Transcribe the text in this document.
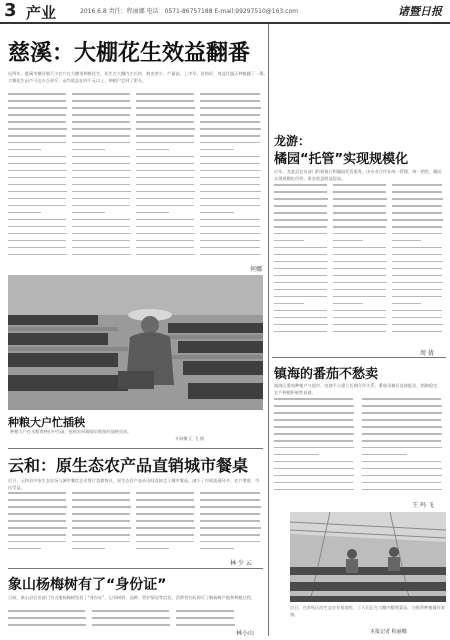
3 产业	2016.6.8 责任：程丽娜 电话：0571-86757188 E-mail:99297510@163.com	诸暨日报
慈溪：大棚花生效益翻番
近两年，慈溪市横河镇不少农户在大棚里种植花生，花生在大棚内生长快、病虫害少、产量高，上市早，价格好，效益比露天种植翻了一番。大棚花生亩产可达五百余斤，亩均收益在四千元以上，种植户尝到了甜头。
何娜
种粮大户忙插秧
种粮大户在水稻育秧田中忙碌，抢抓农时确保早稻按时插秧完成。
开驹摄 汇 飞 摄
云和：原生态农产品直销城市餐桌
近日，云和县多家生态农场与城市餐饮企业签订直销协议，原生态农产品从田间直接走上城市餐桌，减少了中间流通环节，农户增收、市民受益。
林 少 云
象山杨梅树有了“身份证”
日前，象山县农业部门为当地杨梅树发放了“身份证”，记录树龄、品种、管护情况等信息，消费者扫码即可了解杨梅产地和种植过程。
林小山
龙游：
橘园“托管”实现规模化
近年，龙游县农业部门积极推行柑橘园托管服务，由专业合作社统一管理、统一销售，橘园实现规模化经营，果农收益明显提高。
周 倩
镇海的番茄不愁卖
镇海区番茄种植户与超市、电商平台建立长期合作关系，番茄采摘后直接配送，销路稳定，农户种植积极性高涨。
王 玛 飞
近日，在余杭区的生态农业基地里，工人们正在大棚内整理菜苗，为秋季种植做好准备。
本报记者 程丽娜
